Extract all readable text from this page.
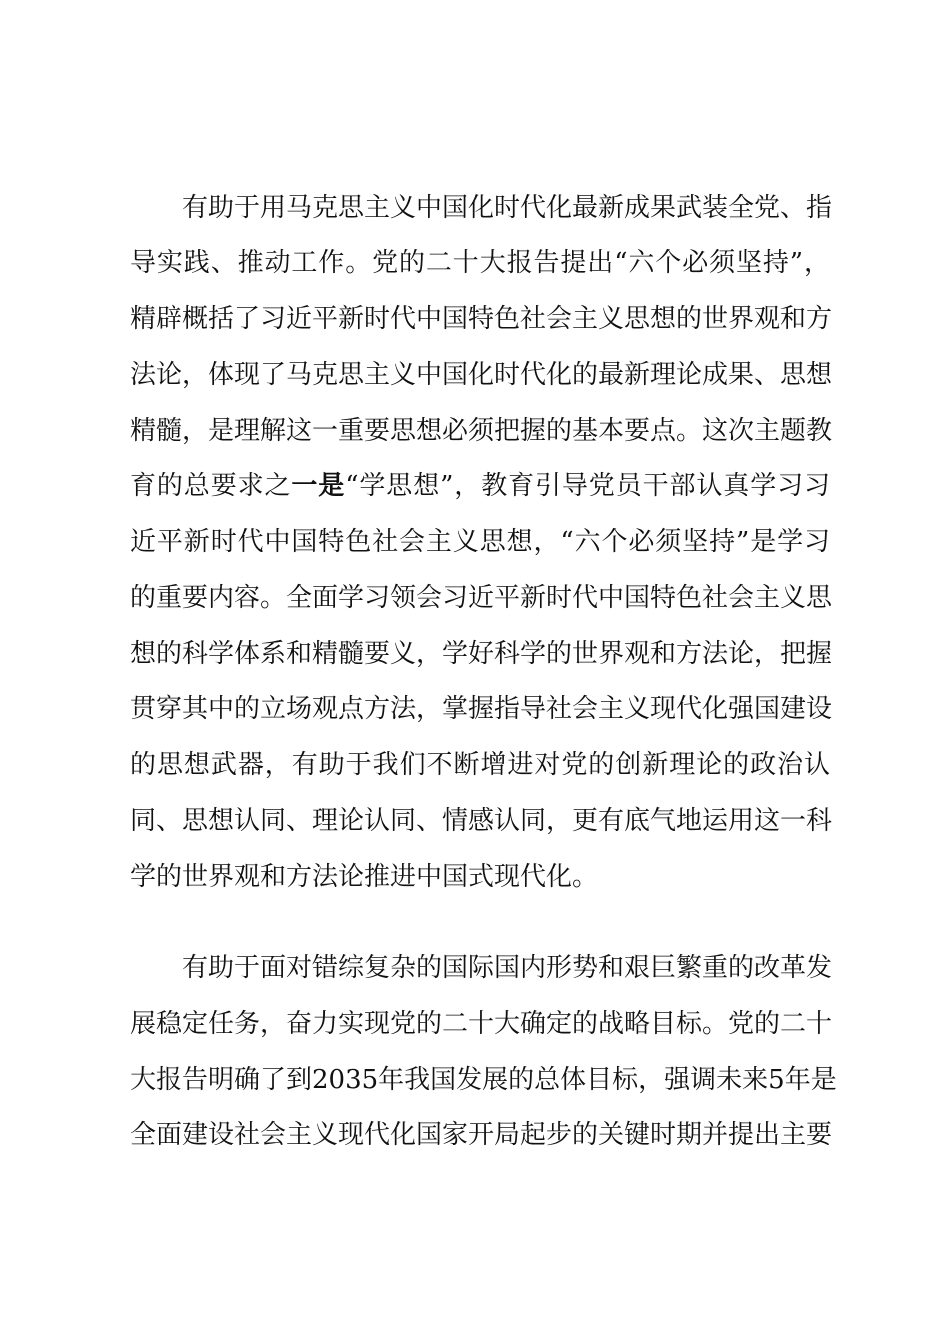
有助于用马克思主义中国化时代化最新成果武装全党、指
导实践、推动工作。党的二十大报告提出“六个必须坚持”，
精辟概括了习近平新时代中国特色社会主义思想的世界观和方
法论，体现了马克思主义中国化时代化的最新理论成果、思想
精髓，是理解这一重要思想必须把握的基本要点。这次主题教
育的总要求之一是“学思想”，教育引导党员干部认真学习习
近平新时代中国特色社会主义思想，“六个必须坚持”是学习
的重要内容。全面学习领会习近平新时代中国特色社会主义思
想的科学体系和精髓要义，学好科学的世界观和方法论，把握
贯穿其中的立场观点方法，掌握指导社会主义现代化强国建设
的思想武器，有助于我们不断增进对党的创新理论的政治认
同、思想认同、理论认同、情感认同，更有底气地运用这一科
学的世界观和方法论推进中国式现代化。
有助于面对错综复杂的国际国内形势和艰巨繁重的改革发
展稳定任务，奋力实现党的二十大确定的战略目标。党的二十
大报告明确了到2035年我国发展的总体目标，强调未来5年是
全面建设社会主义现代化国家开局起步的关键时期并提出主要
